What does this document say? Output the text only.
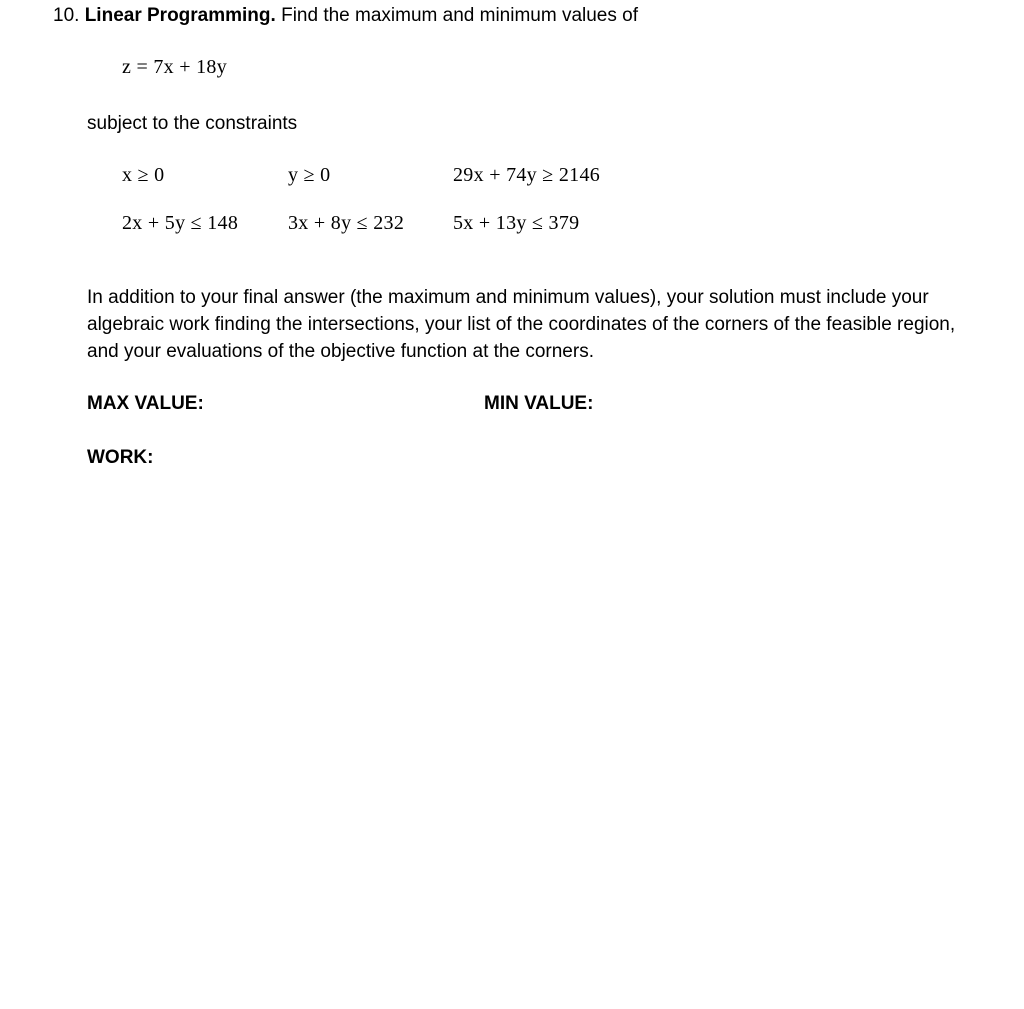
10. Linear Programming. Find the maximum and minimum values of
z = 7x + 18y
subject to the constraints
x ≥ 0	y ≥ 0	29x + 74y ≥ 2146
2x + 5y ≤ 148 3x + 8y ≤ 232 5x + 13y ≤ 379
In addition to your final answer (the maximum and minimum values), your solution must include your algebraic work finding the intersections, your list of the coordinates of the corners of the feasible region, and your evaluations of the objective function at the corners.
MAX VALUE:	MIN VALUE:
WORK:
